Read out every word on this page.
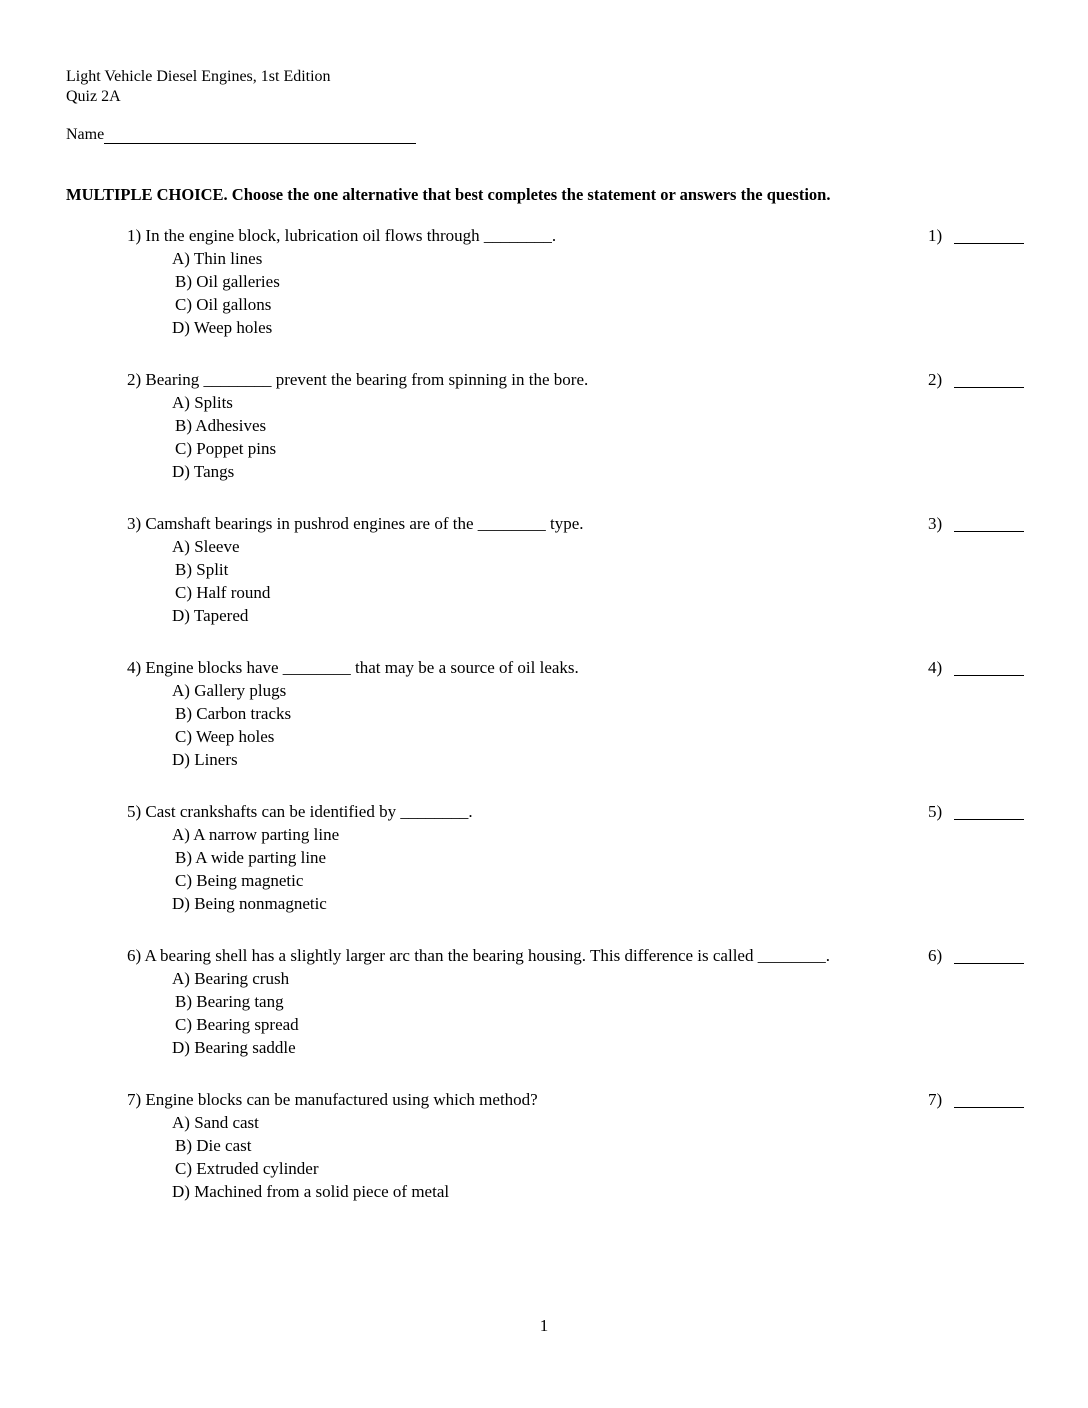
Light Vehicle Diesel Engines, 1st Edition
Quiz 2A
Name
MULTIPLE CHOICE. Choose the one alternative that best completes the statement or answers the question.
1) In the engine block, lubrication oil flows through ________.
A) Thin lines
B) Oil galleries
C) Oil gallons
D) Weep holes
1)
2) Bearing ________ prevent the bearing from spinning in the bore.
A) Splits
B) Adhesives
C) Poppet pins
D) Tangs
2)
3) Camshaft bearings in pushrod engines are of the ________ type.
A) Sleeve
B) Split
C) Half round
D) Tapered
3)
4) Engine blocks have ________ that may be a source of oil leaks.
A) Gallery plugs
B) Carbon tracks
C) Weep holes
D) Liners
4)
5) Cast crankshafts can be identified by ________.
A) A narrow parting line
B) A wide parting line
C) Being magnetic
D) Being nonmagnetic
5)
6) A bearing shell has a slightly larger arc than the bearing housing. This difference is called ________.
A) Bearing crush
B) Bearing tang
C) Bearing spread
D) Bearing saddle
6)
7) Engine blocks can be manufactured using which method?
A) Sand cast
B) Die cast
C) Extruded cylinder
D) Machined from a solid piece of metal
7)
1
